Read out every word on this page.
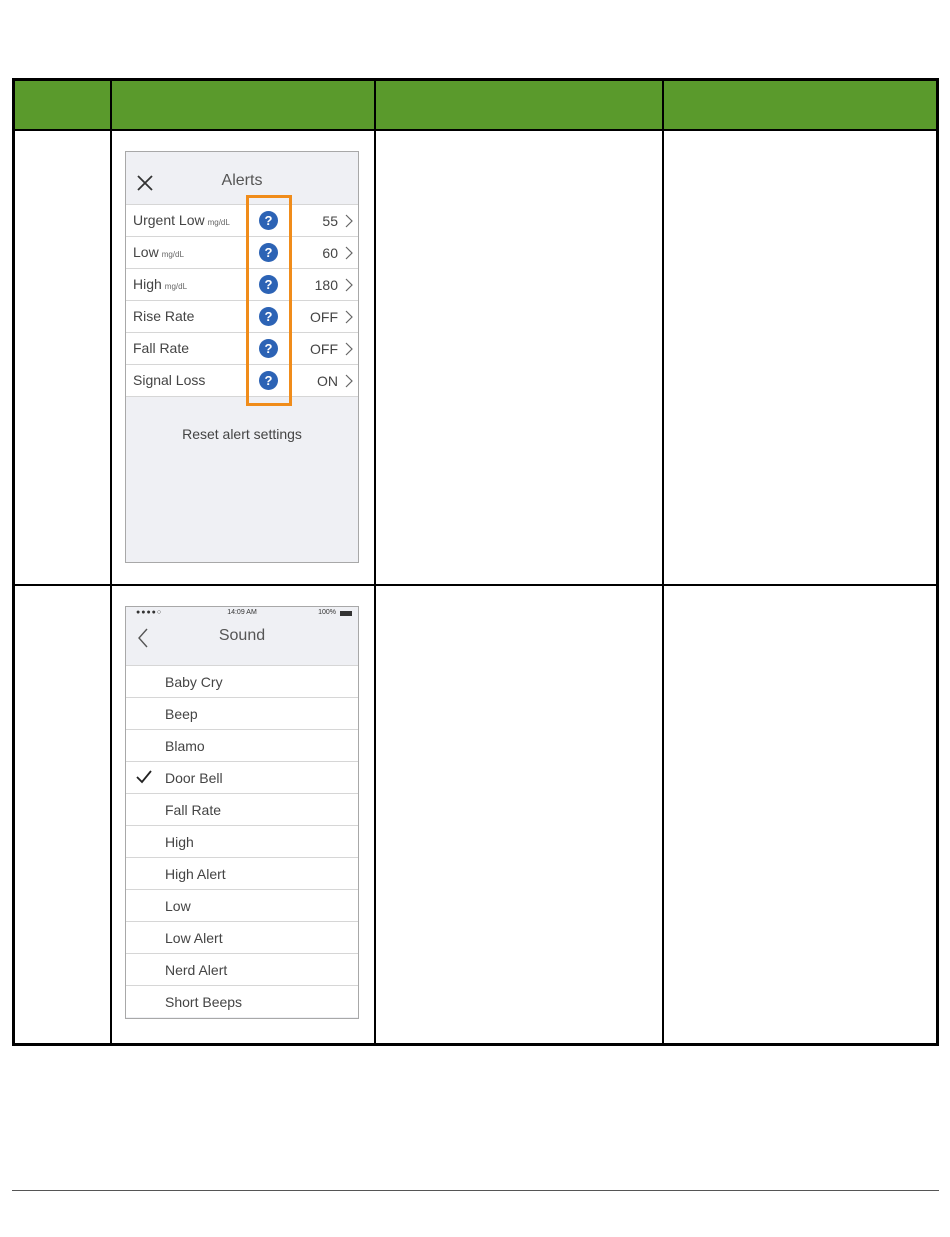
Alerts
Urgent Low mg/dL	?	55
Low mg/dL	?	60
High mg/dL	?	180
Rise Rate	?	OFF
Fall Rate	?	OFF
Signal Loss	?	ON
Reset alert settings
●●●●○	14:09 AM	100%
Sound
Baby Cry
Beep
Blamo
Door Bell
Fall Rate
High
High Alert
Low
Low Alert
Nerd Alert
Short Beeps
